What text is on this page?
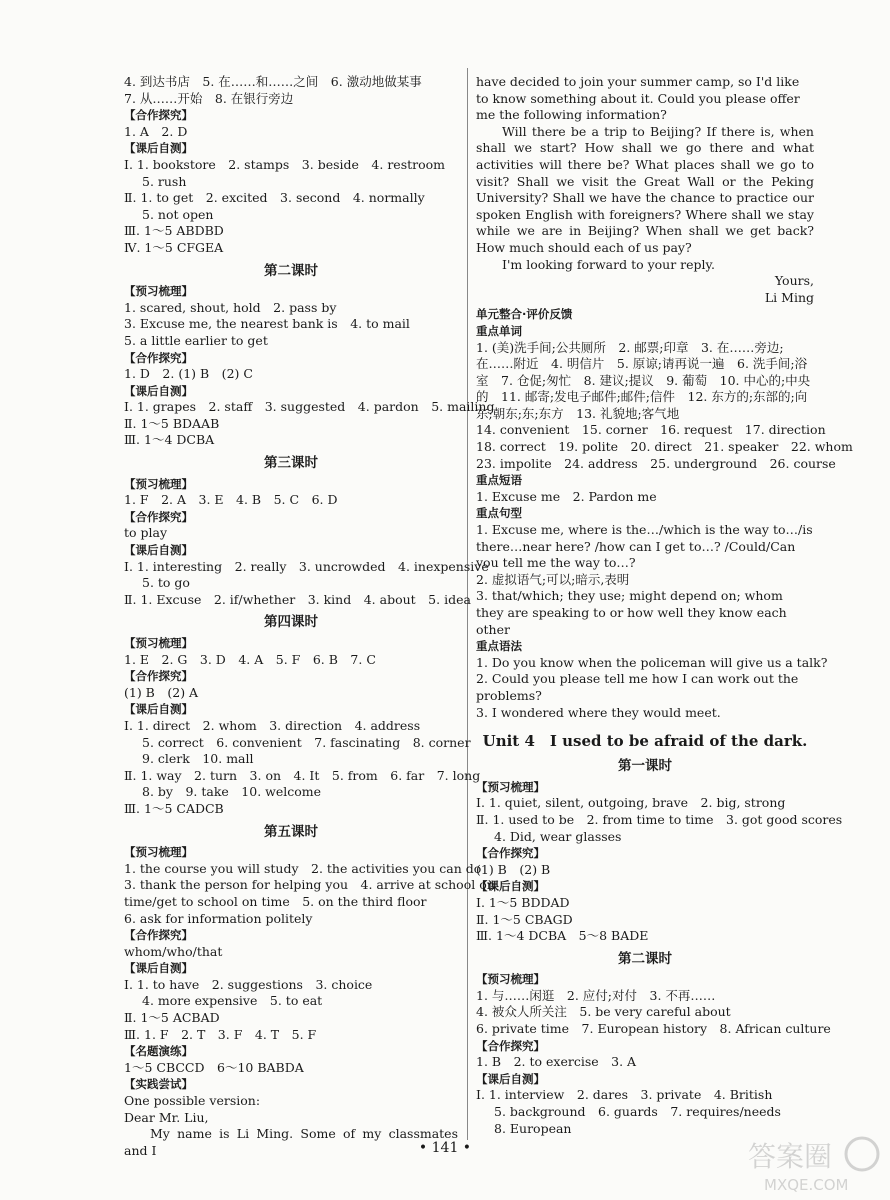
4. 到达书店　5. 在……和……之间　6. 激动地做某事
7. 从……开始　8. 在银行旁边
【合作探究】
1. A　2. D
【课后自测】
Ⅰ. 1. bookstore　2. stamps　3. beside　4. restroom
5. rush
Ⅱ. 1. to get　2. excited　3. second　4. normally
5. not open
Ⅲ. 1～5 ABDBD
Ⅳ. 1～5 CFGEA
第二课时
【预习梳理】
1. scared, shout, hold　2. pass by
3. Excuse me, the nearest bank is　4. to mail
5. a little earlier to get
【合作探究】
1. D　2. (1) B　(2) C
【课后自测】
Ⅰ. 1. grapes　2. staff　3. suggested　4. pardon　5. mailing
Ⅱ. 1～5 BDAAB
Ⅲ. 1～4 DCBA
第三课时
【预习梳理】
1. F　2. A　3. E　4. B　5. C　6. D
【合作探究】
to play
【课后自测】
Ⅰ. 1. interesting　2. really　3. uncrowded　4. inexpensive
5. to go
Ⅱ. 1. Excuse　2. if/whether　3. kind　4. about　5. idea
第四课时
【预习梳理】
1. E　2. G　3. D　4. A　5. F　6. B　7. C
【合作探究】
(1) B　(2) A
【课后自测】
Ⅰ. 1. direct　2. whom　3. direction　4. address
5. correct　6. convenient　7. fascinating　8. corner
9. clerk　10. mall
Ⅱ. 1. way　2. turn　3. on　4. It　5. from　6. far　7. long
8. by　9. take　10. welcome
Ⅲ. 1～5 CADCB
第五课时
【预习梳理】
1. the course you will study　2. the activities you can do
3. thank the person for helping you　4. arrive at school on
time/get to school on time　5. on the third floor
6. ask for information politely
【合作探究】
whom/who/that
【课后自测】
Ⅰ. 1. to have　2. suggestions　3. choice
4. more expensive　5. to eat
Ⅱ. 1～5 ACBAD
Ⅲ. 1. F　2. T　3. F　4. T　5. F
【名题演练】
1～5 CBCCD　6～10 BABDA
【实践尝试】
One possible version:
Dear Mr. Liu,
My name is Li Ming. Some of my classmates and I
have decided to join your summer camp, so I'd like to know something about it. Could you please offer me the following information?
Will there be a trip to Beijing? If there is, when shall we start? How shall we go there and what activities will there be? What places shall we go to visit? Shall we visit the Great Wall or the Peking University? Shall we have the chance to practice our spoken English with foreigners? Where shall we stay while we are in Beijing? When shall we get back? How much should each of us pay?
I'm looking forward to your reply.
Yours,
Li Ming
单元整合·评价反馈
重点单词
1. (美)洗手间;公共厕所　2. 邮票;印章　3. 在……旁边;在……附近　4. 明信片　5. 原谅;请再说一遍　6. 洗手间;浴室　7. 仓促;匆忙　8. 建议;提议　9. 葡萄　10. 中心的;中央的　11. 邮寄;发电子邮件;邮件;信件　12. 东方的;东部的;向东;朝东;东;东方　13. 礼貌地;客气地
14. convenient　15. corner　16. request　17. direction
18. correct　19. polite　20. direct　21. speaker　22. whom
23. impolite　24. address　25. underground　26. course
重点短语
1. Excuse me　2. Pardon me
重点句型
1. Excuse me, where is the…/which is the way to…/is there…near here? /how can I get to…? /Could/Can you tell me the way to…?
2. 虚拟语气;可以;暗示,表明
3. that/which; they use; might depend on; whom they are speaking to or how well they know each other
重点语法
1. Do you know when the policeman will give us a talk?
2. Could you please tell me how I can work out the problems?
3. I wondered where they would meet.
Unit 4　I used to be afraid of the dark.
第一课时
【预习梳理】
Ⅰ. 1. quiet, silent, outgoing, brave　2. big, strong
Ⅱ. 1. used to be　2. from time to time　3. got good scores
4. Did, wear glasses
【合作探究】
(1) B　(2) B
【课后自测】
Ⅰ. 1～5 BDDAD
Ⅱ. 1～5 CBAGD
Ⅲ. 1～4 DCBA　5～8 BADE
第二课时
【预习梳理】
1. 与……闲逛　2. 应付;对付　3. 不再……
4. 被众人所关注　5. be very careful about
6. private time　7. European history　8. African culture
【合作探究】
1. B　2. to exercise　3. A
【课后自测】
Ⅰ. 1. interview　2. dares　3. private　4. British
5. background　6. guards　7. requires/needs
8. European
• 141 •	答案圈
MXQE.COM
